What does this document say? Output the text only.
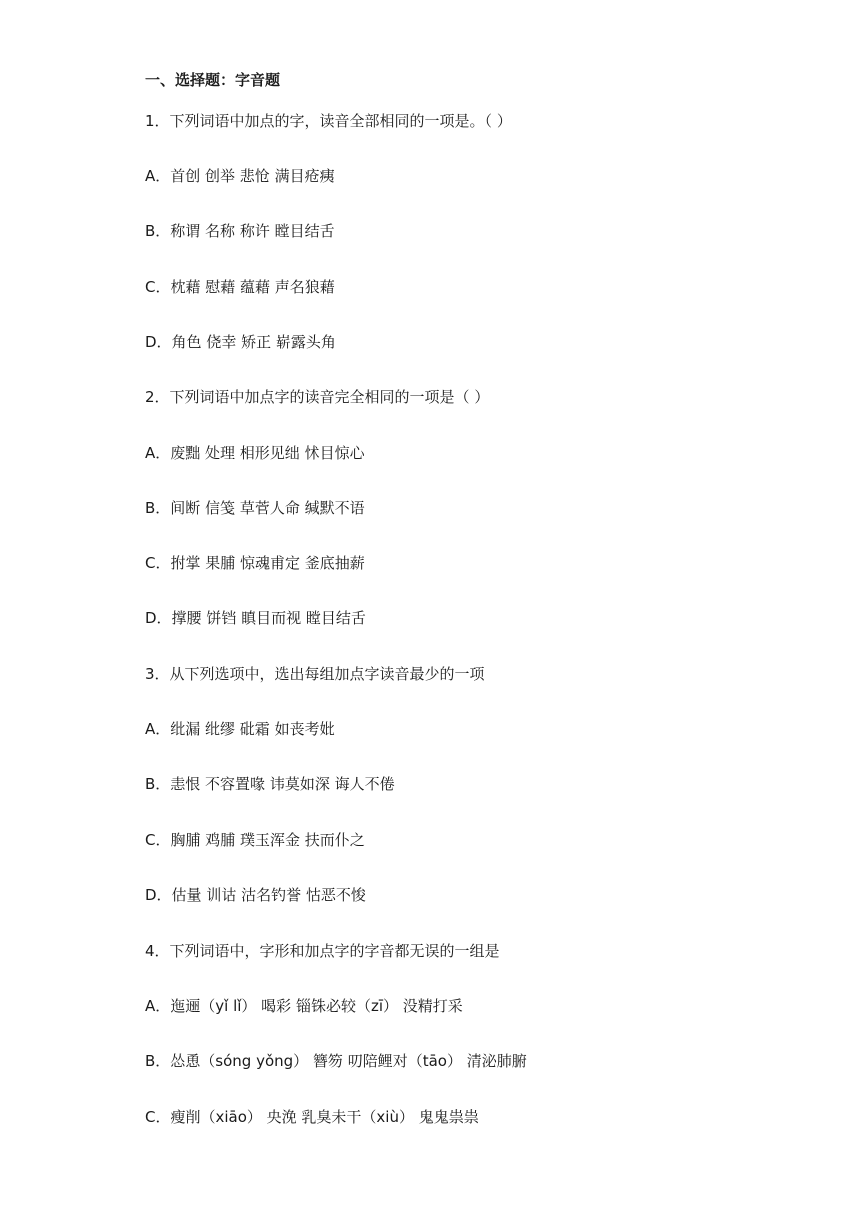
一、选择题：字音题
1．下列词语中加点的字，读音全部相同的一项是。（ ）
A．首创 创举 悲怆 满目疮痍
B．称谓 名称 称许 瞠目结舌
C．枕藉 慰藉 蕴藉 声名狼藉
D．角色 侥幸 矫正 崭露头角
2．下列词语中加点字的读音完全相同的一项是（ ）
A．废黜 处理 相形见绌 怵目惊心
B．间断 信笺 草菅人命 缄默不语
C．拊掌 果脯 惊魂甫定 釜底抽薪
D．撑腰 饼铛 瞋目而视 瞠目结舌
3．从下列选项中，选出每组加点字读音最少的一项
A．纰漏 纰缪 砒霜 如丧考妣
B．恚恨 不容置喙 讳莫如深 诲人不倦
C．胸脯 鸡脯 璞玉浑金 扶而仆之
D．估量 训诂 沽名钓誉 怙恶不悛
4．下列词语中，字形和加点字的字音都无误的一组是
A．迤逦（yǐ lǐ） 喝彩 锱铢必较（zī） 没精打采
B．怂恿（sóng yǒng） 簪笏 叨陪鲤对（tāo） 清泌肺腑
C．瘦削（xiāo） 央浼 乳臭未干（xiù） 鬼鬼祟祟
